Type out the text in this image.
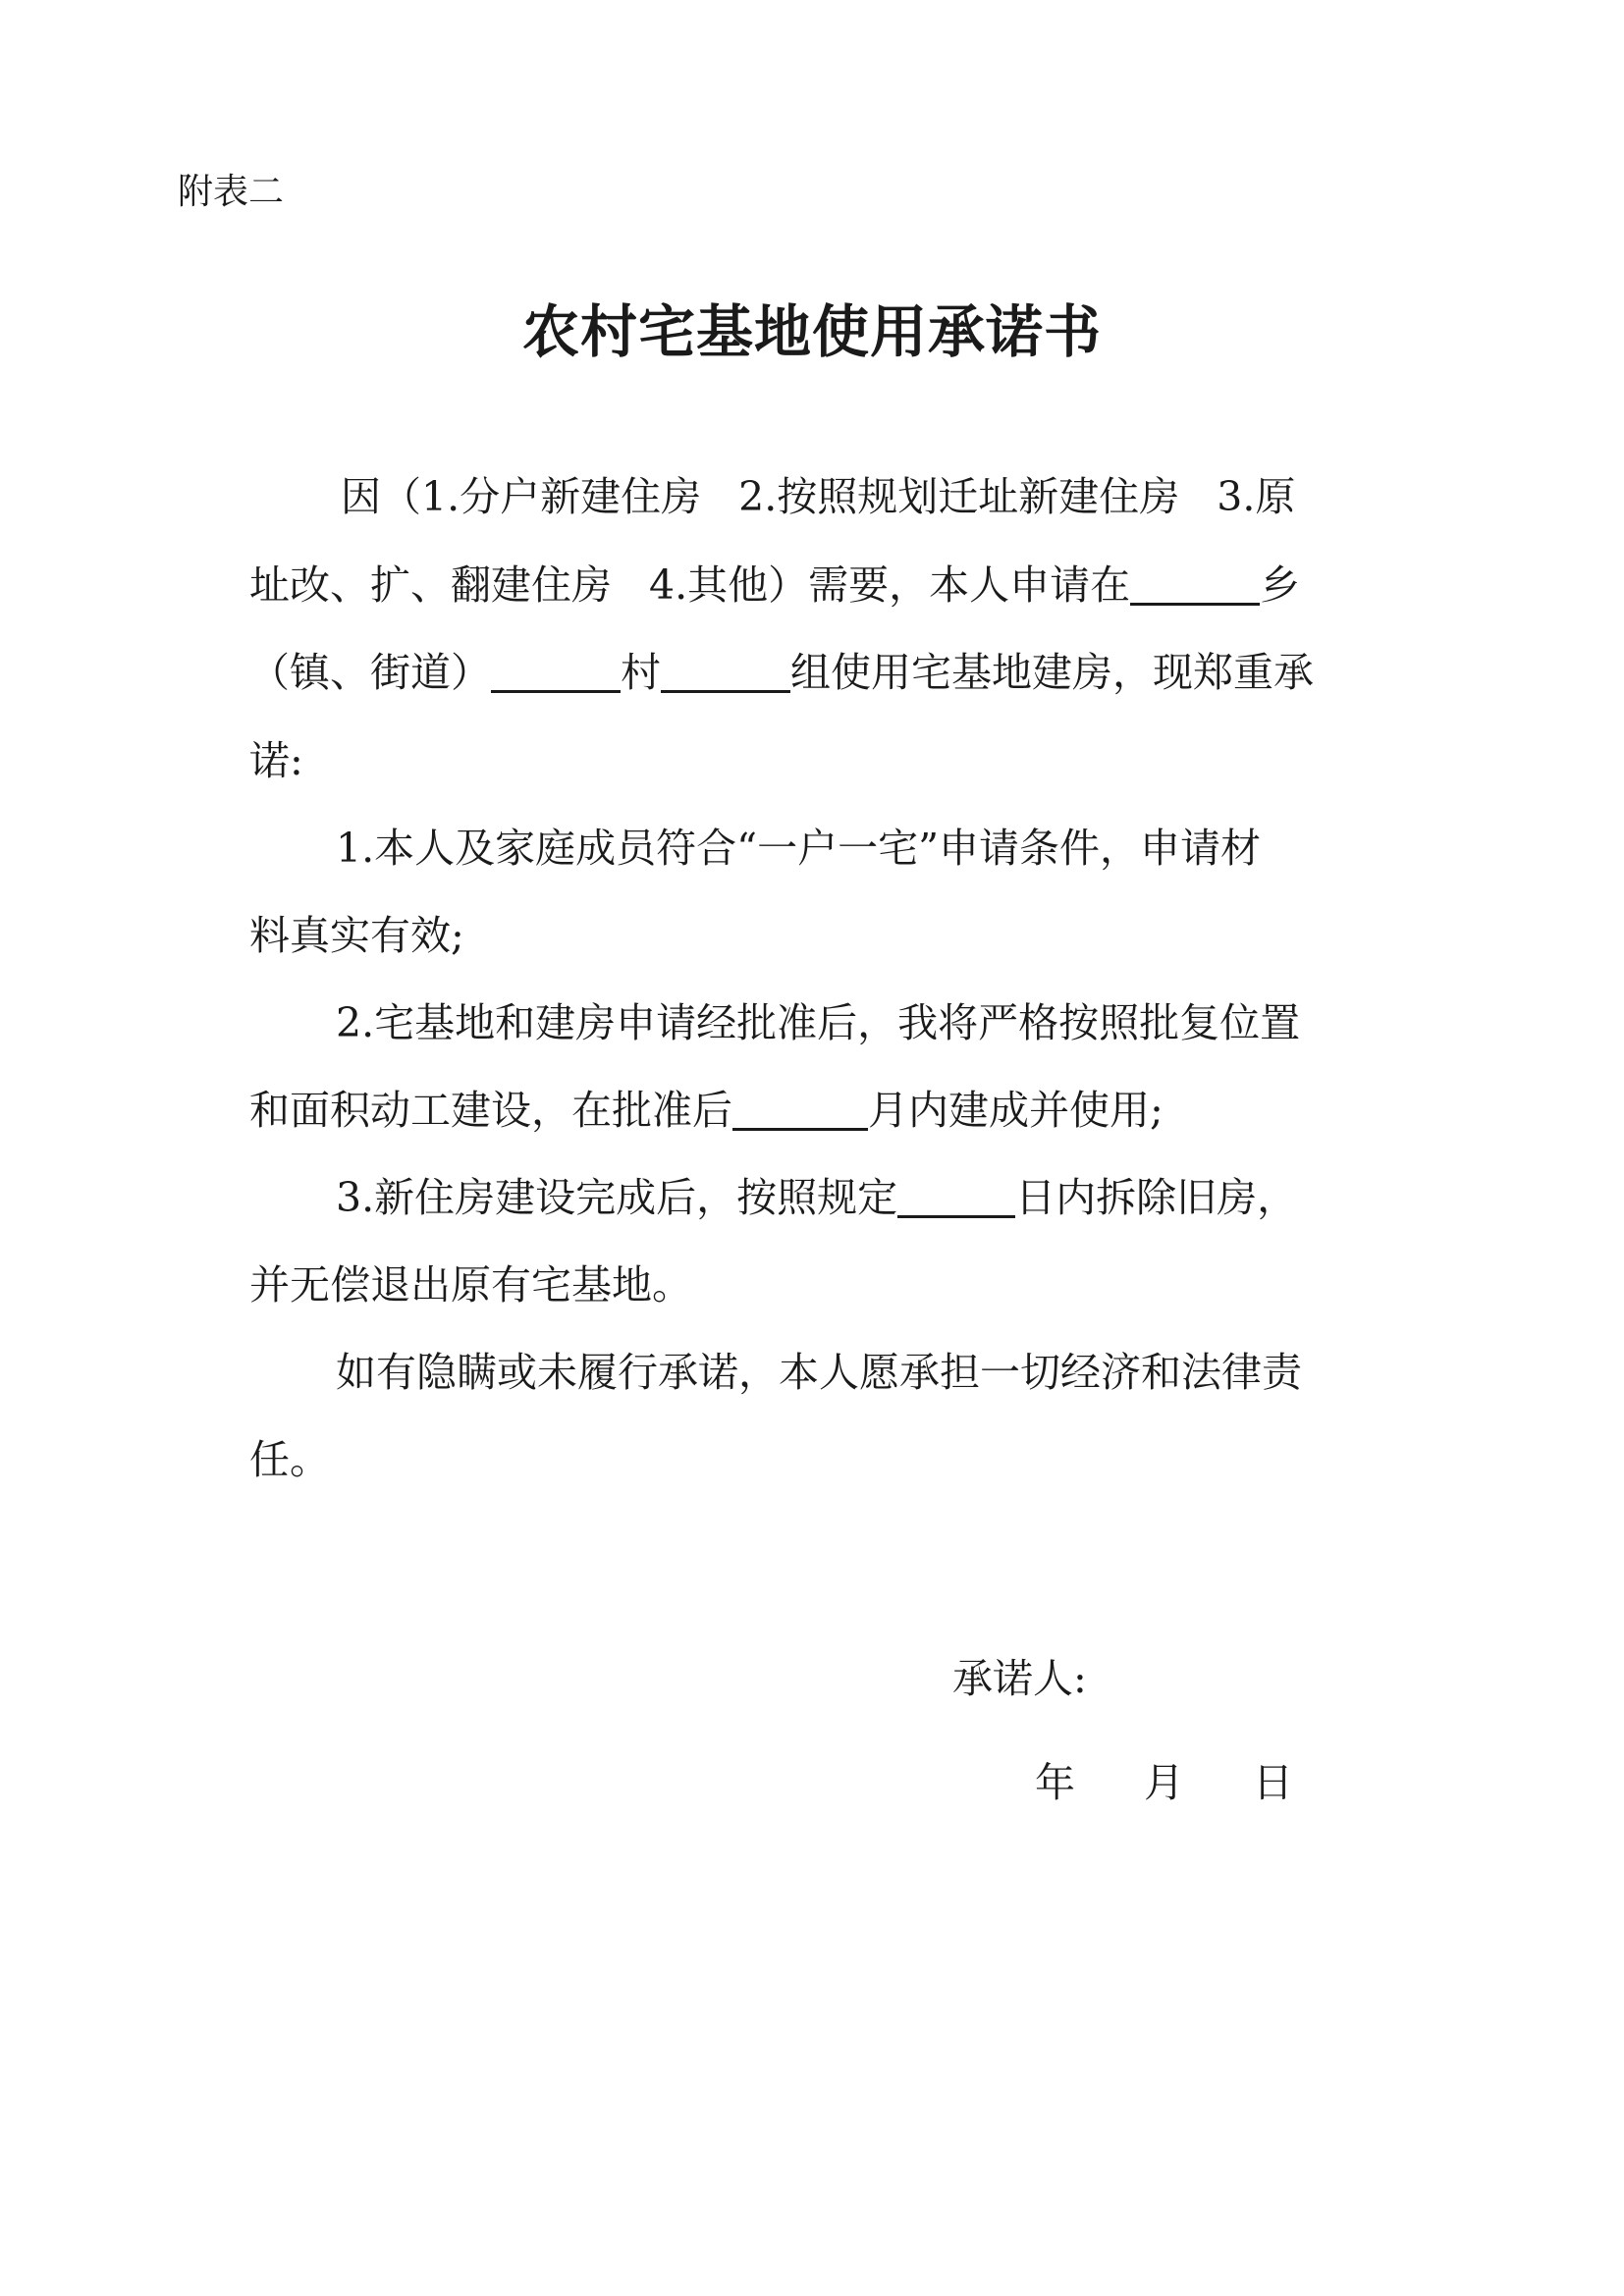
附表二
农村宅基地使用承诺书
因（1.分户新建住房 2.按照规划迁址新建住房 3.原
址改、扩、翻建住房 4.其他）需要，本人申请在	乡
（镇、街道）	村	组使用宅基地建房，现郑重承
诺:
1.本人及家庭成员符合“一户一宅”申请条件，申请材
料真实有效;
2.宅基地和建房申请经批准后，我将严格按照批复位置
和面积动工建设，在批准后	月内建成并使用;
3.新住房建设完成后，按照规定	日内拆除旧房，
并无偿退出原有宅基地。
如有隐瞒或未履行承诺，本人愿承担一切经济和法律责
任。
承诺人:
年 月 日
